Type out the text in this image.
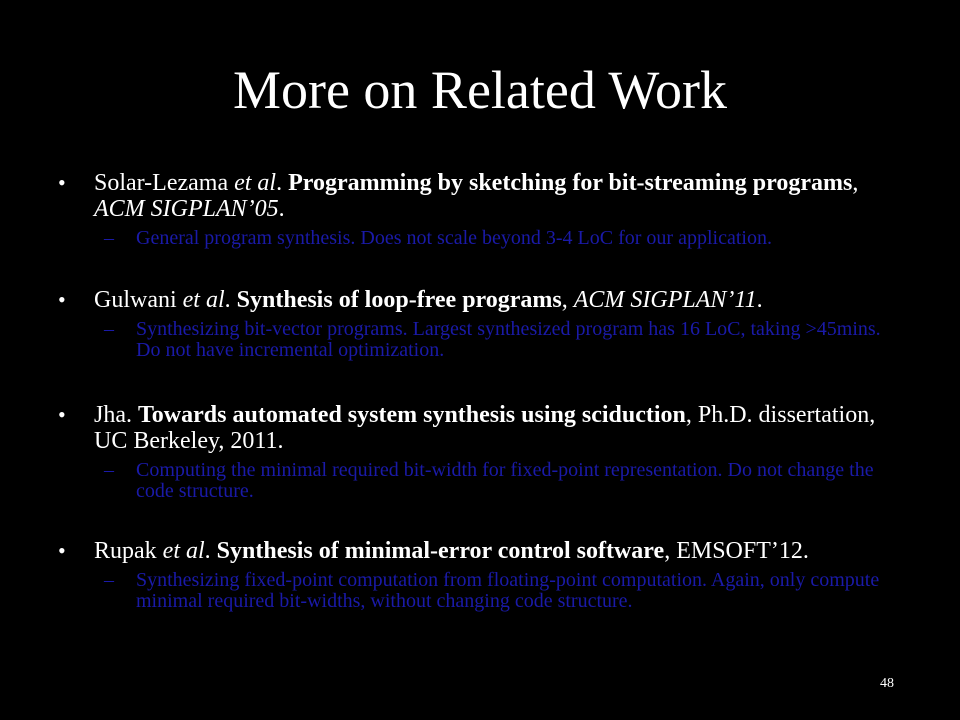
More on Related Work
• Solar-Lezama et al. Programming by sketching for bit-streaming programs, ACM SIGPLAN’05.
– General program synthesis. Does not scale beyond 3-4 LoC for our application.
• Gulwani et al. Synthesis of loop-free programs, ACM SIGPLAN’11.
– Synthesizing bit-vector programs. Largest synthesized program has 16 LoC, taking >45mins. Do not have incremental optimization.
• Jha. Towards automated system synthesis using sciduction, Ph.D. dissertation, UC Berkeley, 2011.
– Computing the minimal required bit-width for fixed-point representation. Do not change the code structure.
• Rupak et al. Synthesis of minimal-error control software, EMSOFT’12.
– Synthesizing fixed-point computation from floating-point computation. Again, only compute minimal required bit-widths, without changing code structure.
48
